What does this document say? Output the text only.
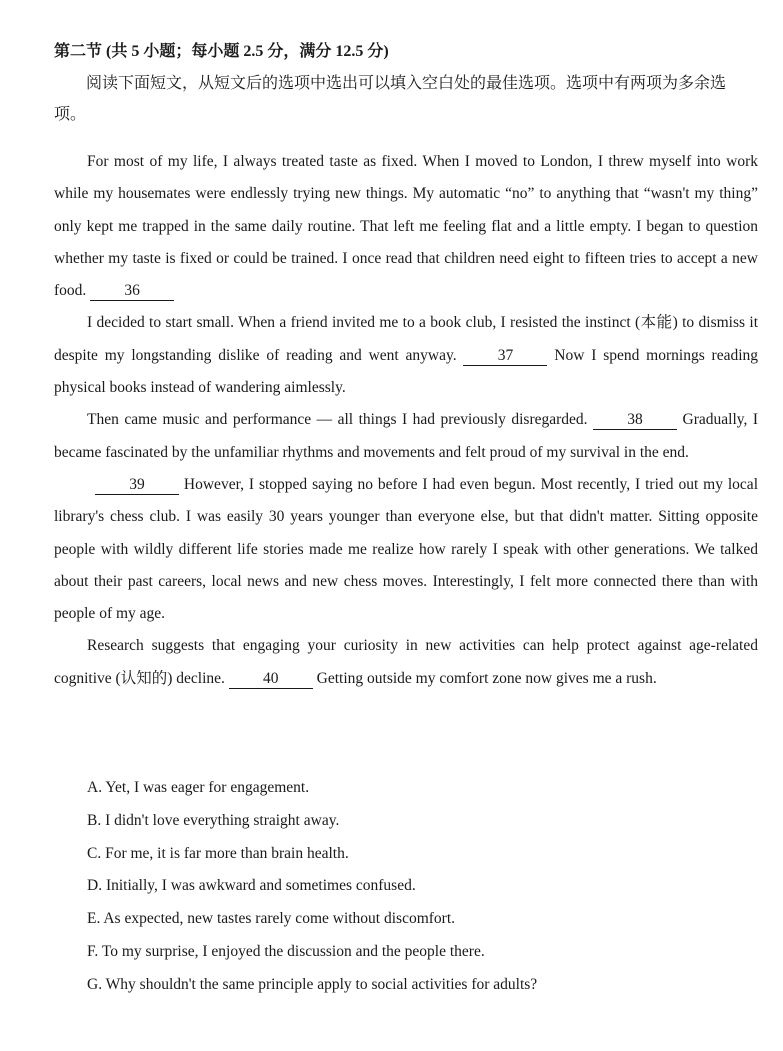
第二节 (共 5 小题；每小题 2.5 分，满分 12.5 分)
阅读下面短文，从短文后的选项中选出可以填入空白处的最佳选项。选项中有两项为多余选项。

For most of my life, I always treated taste as fixed. When I moved to London, I threw myself into work while my housemates were endlessly trying new things. My automatic “no” to anything that “wasn't my thing” only kept me trapped in the same daily routine. That left me feeling flat and a little empty. I began to question whether my taste is fixed or could be trained. I once read that children need eight to fifteen tries to accept a new food. 36

I decided to start small. When a friend invited me to a book club, I resisted the instinct (本能) to dismiss it despite my longstanding dislike of reading and went anyway.	37	Now I spend mornings reading physical books instead of wandering aimlessly.

Then came music and performance — all things I had previously disregarded.	38	Gradually, I became fascinated by the unfamiliar rhythms and movements and felt proud of my survival in the end.

39	However, I stopped saying no before I had even begun. Most recently, I tried out my local library's chess club. I was easily 30 years younger than everyone else, but that didn't matter. Sitting opposite people with wildly different life stories made me realize how rarely I speak with other generations. We talked about their past careers, local news and new chess moves. Interestingly, I felt more connected there than with people of my age.

Research suggests that engaging your curiosity in new activities can help protect against age-related cognitive (认知的) decline. 40 Getting outside my comfort zone now gives me a rush.

A. Yet, I was eager for engagement.
B. I didn't love everything straight away.
C. For me, it is far more than brain health.
D. Initially, I was awkward and sometimes confused.
E. As expected, new tastes rarely come without discomfort.
F. To my surprise, I enjoyed the discussion and the people there.
G. Why shouldn't the same principle apply to social activities for adults?
